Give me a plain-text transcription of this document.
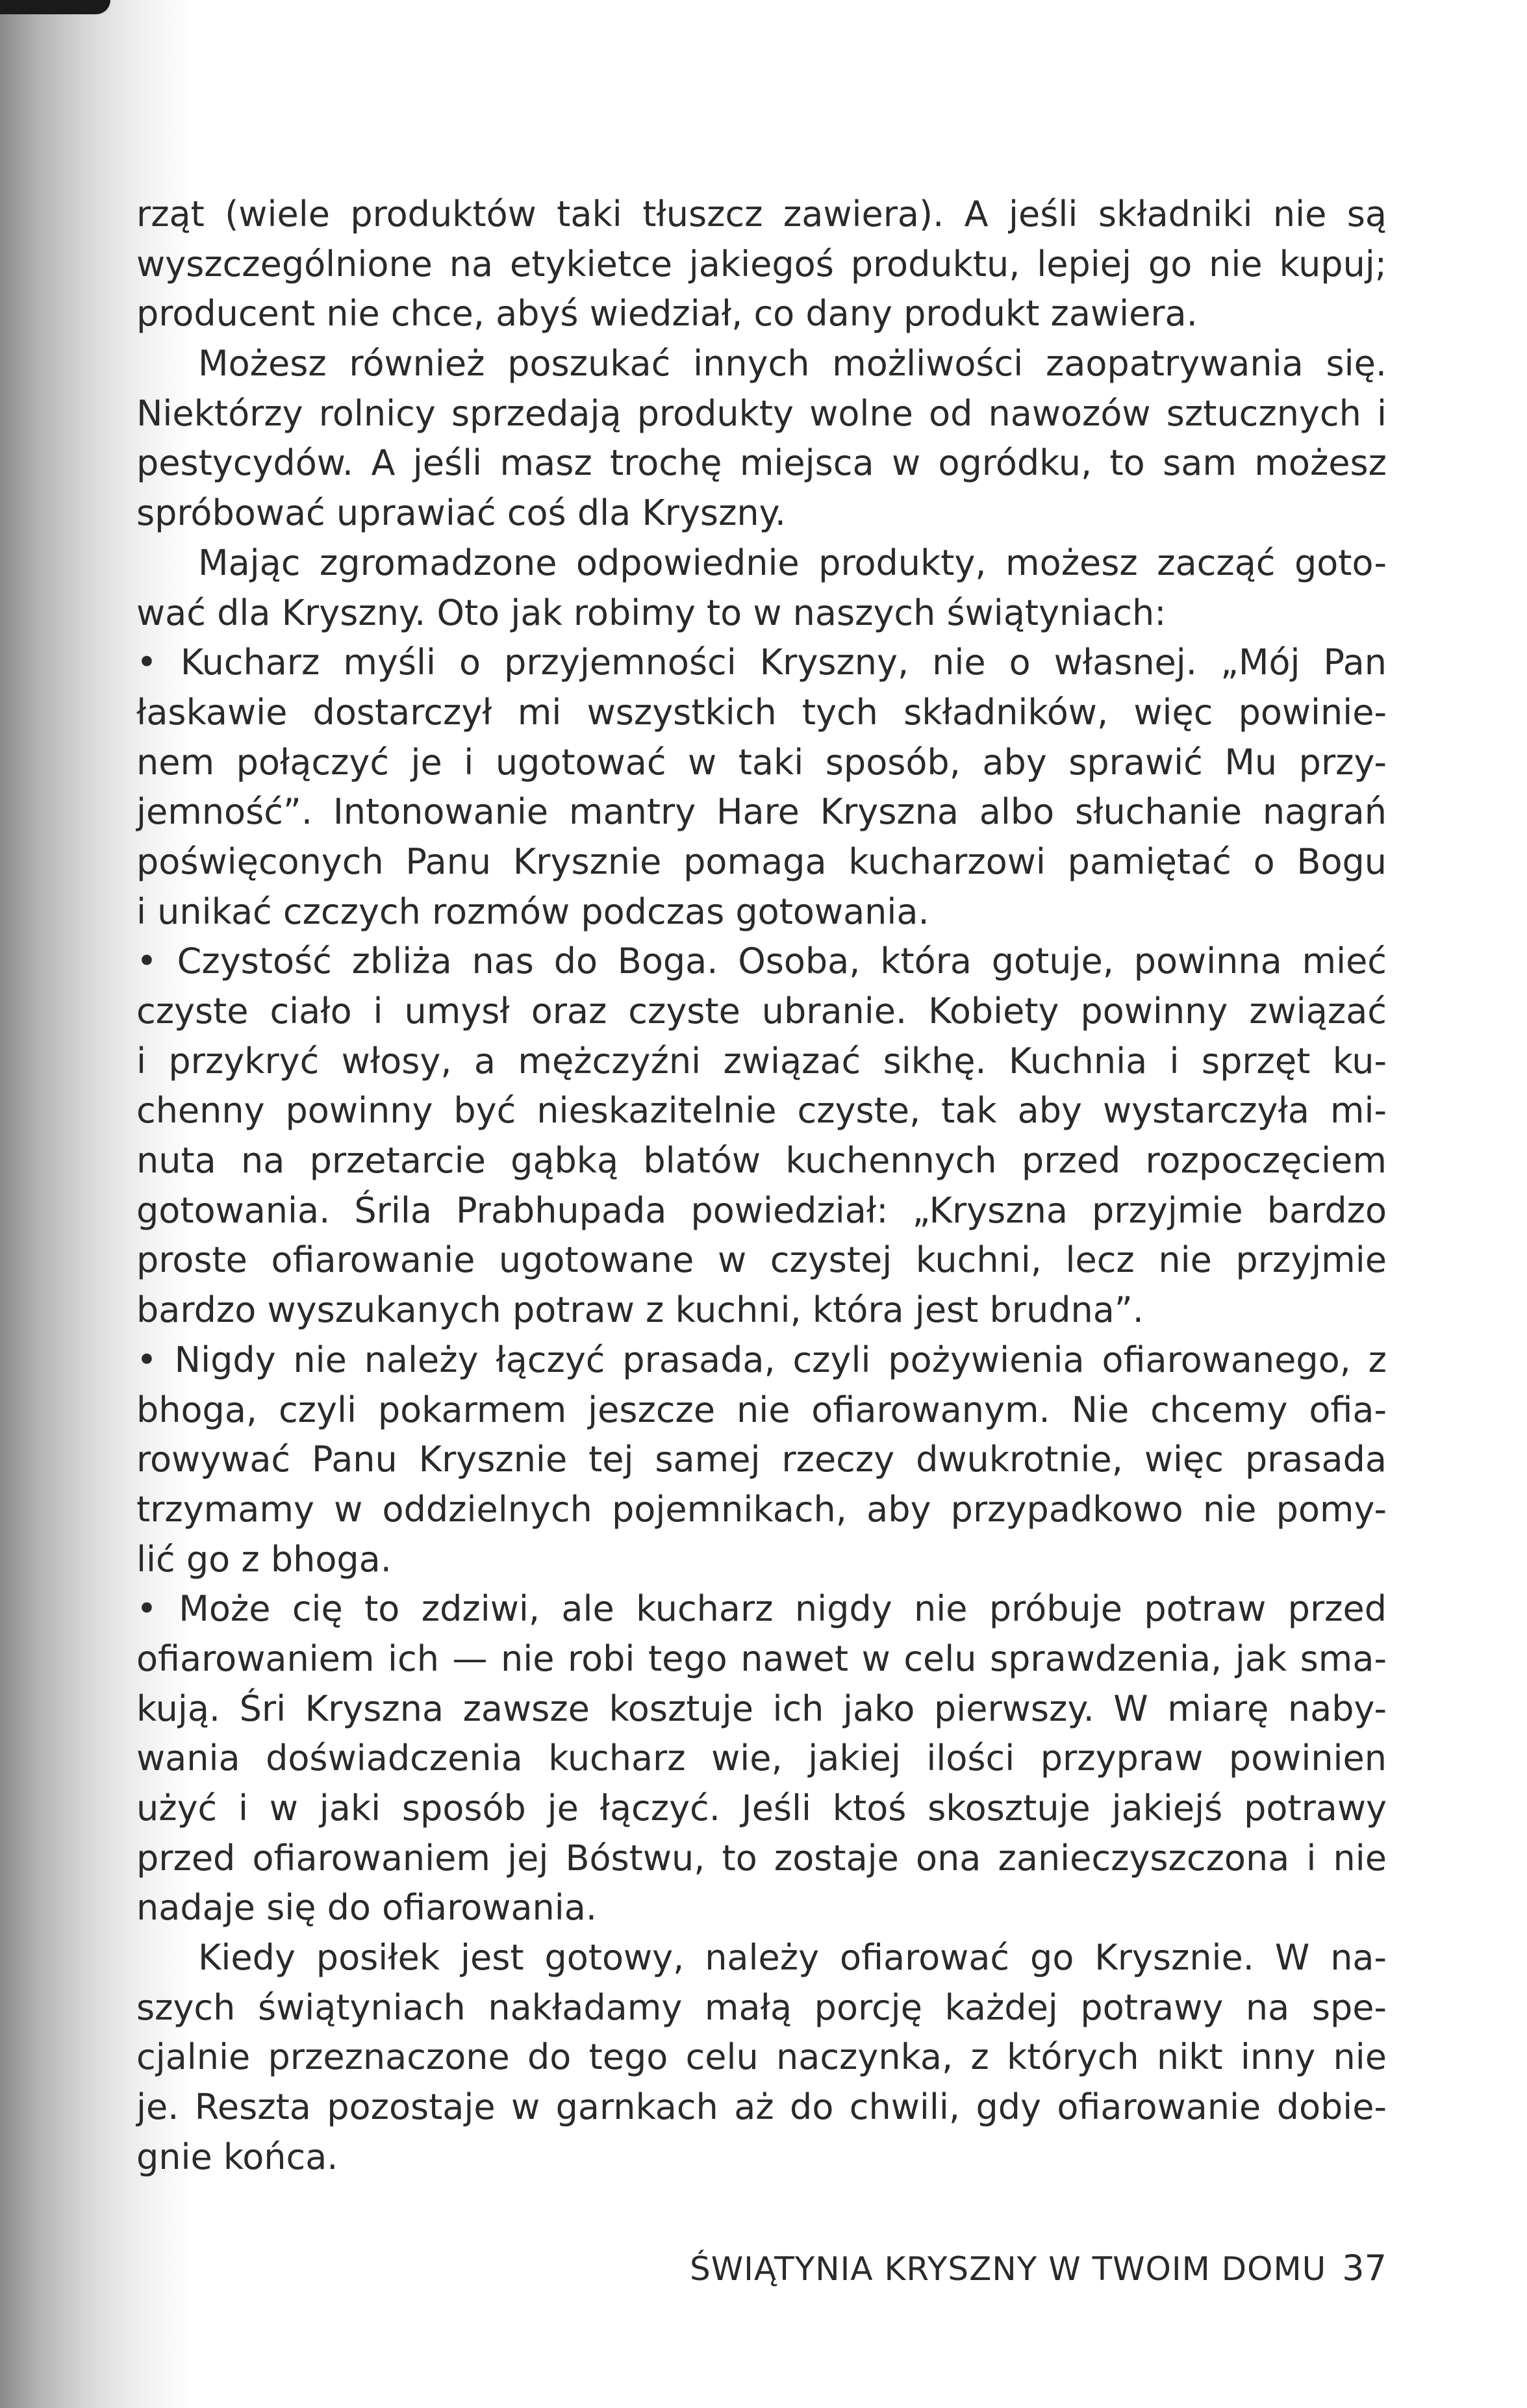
rząt (wiele produktów taki tłuszcz zawiera). A jeśli składniki nie są
wyszczególnione na etykietce jakiegoś produktu, lepiej go nie kupuj;
producent nie chce, abyś wiedział, co dany produkt zawiera.
Możesz również poszukać innych możliwości zaopatrywania się.
Niektórzy rolnicy sprzedają produkty wolne od nawozów sztucznych i
pestycydów. A jeśli masz trochę miejsca w ogródku, to sam możesz
spróbować uprawiać coś dla Kryszny.
Mając zgromadzone odpowiednie produkty, możesz zacząć goto-
wać dla Kryszny. Oto jak robimy to w naszych świątyniach:
• Kucharz myśli o przyjemności Kryszny, nie o własnej. „Mój Pan
łaskawie dostarczył mi wszystkich tych składników, więc powinie-
nem połączyć je i ugotować w taki sposób, aby sprawić Mu przy-
jemność”. Intonowanie mantry Hare Kryszna albo słuchanie nagrań
poświęconych Panu Krysznie pomaga kucharzowi pamiętać o Bogu
i unikać czczych rozmów podczas gotowania.
• Czystość zbliża nas do Boga. Osoba, która gotuje, powinna mieć
czyste ciało i umysł oraz czyste ubranie. Kobiety powinny związać
i przykryć włosy, a mężczyźni związać sikhę. Kuchnia i sprzęt ku-
chenny powinny być nieskazitelnie czyste, tak aby wystarczyła mi-
nuta na przetarcie gąbką blatów kuchennych przed rozpoczęciem
gotowania. Śrila Prabhupada powiedział: „Kryszna przyjmie bardzo
proste ofiarowanie ugotowane w czystej kuchni, lecz nie przyjmie
bardzo wyszukanych potraw z kuchni, która jest brudna”.
• Nigdy nie należy łączyć prasada, czyli pożywienia ofiarowanego, z
bhoga, czyli pokarmem jeszcze nie ofiarowanym. Nie chcemy ofia-
rowywać Panu Krysznie tej samej rzeczy dwukrotnie, więc prasada
trzymamy w oddzielnych pojemnikach, aby przypadkowo nie pomy-
lić go z bhoga.
• Może cię to zdziwi, ale kucharz nigdy nie próbuje potraw przed
ofiarowaniem ich — nie robi tego nawet w celu sprawdzenia, jak sma-
kują. Śri Kryszna zawsze kosztuje ich jako pierwszy. W miarę naby-
wania doświadczenia kucharz wie, jakiej ilości przypraw powinien
użyć i w jaki sposób je łączyć. Jeśli ktoś skosztuje jakiejś potrawy
przed ofiarowaniem jej Bóstwu, to zostaje ona zanieczyszczona i nie
nadaje się do ofiarowania.
Kiedy posiłek jest gotowy, należy ofiarować go Krysznie. W na-
szych świątyniach nakładamy małą porcję każdej potrawy na spe-
cjalnie przeznaczone do tego celu naczynka, z których nikt inny nie
je. Reszta pozostaje w garnkach aż do chwili, gdy ofiarowanie dobie-
gnie końca.
ŚWIĄTYNIA KRYSZNY W TWOIM DOMU 37
